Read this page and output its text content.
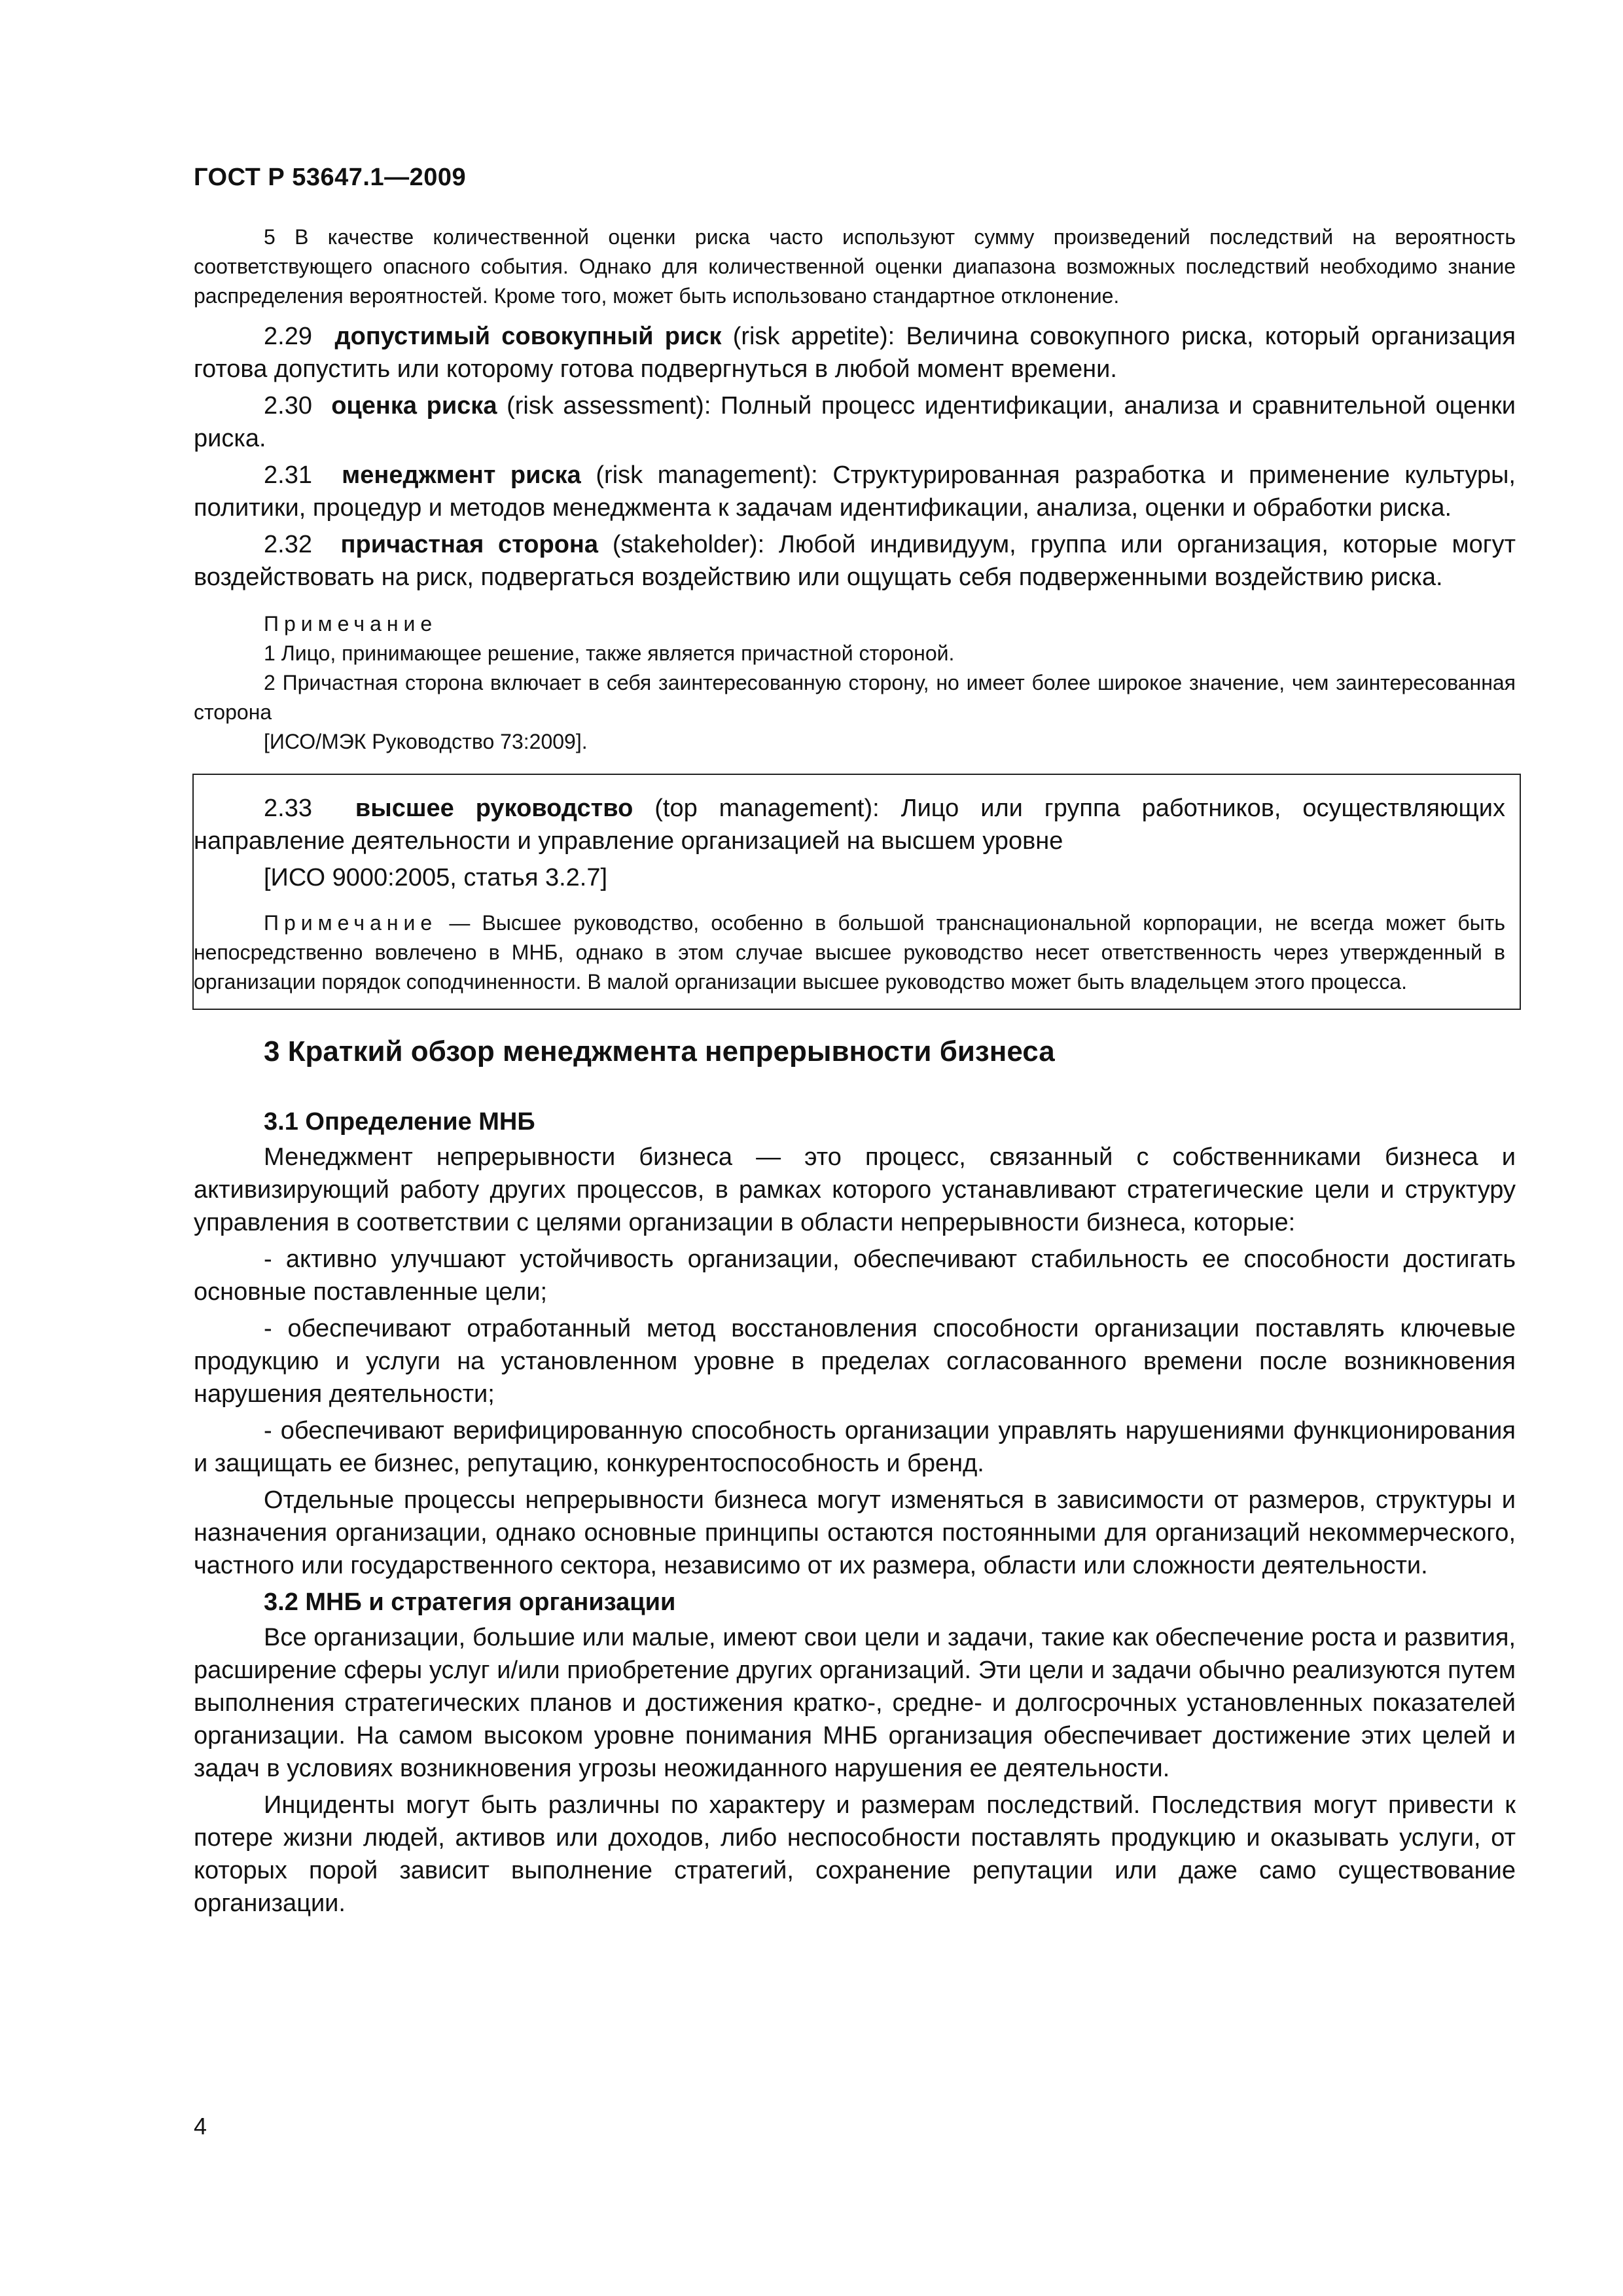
ГОСТ Р 53647.1—2009

5 В качестве количественной оценки риска часто используют сумму произведений последствий на вероятность соответствующего опасного события. Однако для количественной оценки диапазона возможных последствий необходимо знание распределения вероятностей. Кроме того, может быть использовано стандартное отклонение.

2.29 допустимый совокупный риск (risk appetite): Величина совокупного риска, который организация готова допустить или которому готова подвергнуться в любой момент времени.

2.30 оценка риска (risk assessment): Полный процесс идентификации, анализа и сравнительной оценки риска.

2.31 менеджмент риска (risk management): Структурированная разработка и применение культуры, политики, процедур и методов менеджмента к задачам идентификации, анализа, оценки и обработки риска.

2.32 причастная сторона (stakeholder): Любой индивидуум, группа или организация, которые могут воздействовать на риск, подвергаться воздействию или ощущать себя подверженными воздействию риска.

Примечание

1 Лицо, принимающее решение, также является причастной стороной.

2 Причастная сторона включает в себя заинтересованную сторону, но имеет более широкое значение, чем заинтересованная сторона

[ИСО/МЭК Руководство 73:2009].

2.33 высшее руководство (top management): Лицо или группа работников, осуществляющих направление деятельности и управление организацией на высшем уровне

[ИСО 9000:2005, статья 3.2.7]

Примечание — Высшее руководство, особенно в большой транснациональной корпорации, не всегда может быть непосредственно вовлечено в МНБ, однако в этом случае высшее руководство несет ответственность через утвержденный в организации порядок соподчиненности. В малой организации высшее руководство может быть владельцем этого процесса.

3 Краткий обзор менеджмента непрерывности бизнеса
3.1 Определение МНБ

Менеджмент непрерывности бизнеса — это процесс, связанный с собственниками бизнеса и активизирующий работу других процессов, в рамках которого устанавливают стратегические цели и структуру управления в соответствии с целями организации в области непрерывности бизнеса, которые:

- активно улучшают устойчивость организации, обеспечивают стабильность ее способности достигать основные поставленные цели;

- обеспечивают отработанный метод восстановления способности организации поставлять ключевые продукцию и услуги на установленном уровне в пределах согласованного времени после возникновения нарушения деятельности;

- обеспечивают верифицированную способность организации управлять нарушениями функционирования и защищать ее бизнес, репутацию, конкурентоспособность и бренд.

Отдельные процессы непрерывности бизнеса могут изменяться в зависимости от размеров, структуры и назначения организации, однако основные принципы остаются постоянными для организаций некоммерческого, частного или государственного сектора, независимо от их размера, области или сложности деятельности.

3.2 МНБ и стратегия организации

Все организации, большие или малые, имеют свои цели и задачи, такие как обеспечение роста и развития, расширение сферы услуг и/или приобретение других организаций. Эти цели и задачи обычно реализуются путем выполнения стратегических планов и достижения кратко-, средне- и долгосрочных установленных показателей организации. На самом высоком уровне понимания МНБ организация обеспечивает достижение этих целей и задач в условиях возникновения угрозы неожиданного нарушения ее деятельности.

Инциденты могут быть различны по характеру и размерам последствий. Последствия могут привести к потере жизни людей, активов или доходов, либо неспособности поставлять продукцию и оказывать услуги, от которых порой зависит выполнение стратегий, сохранение репутации или даже само существование организации.

4
